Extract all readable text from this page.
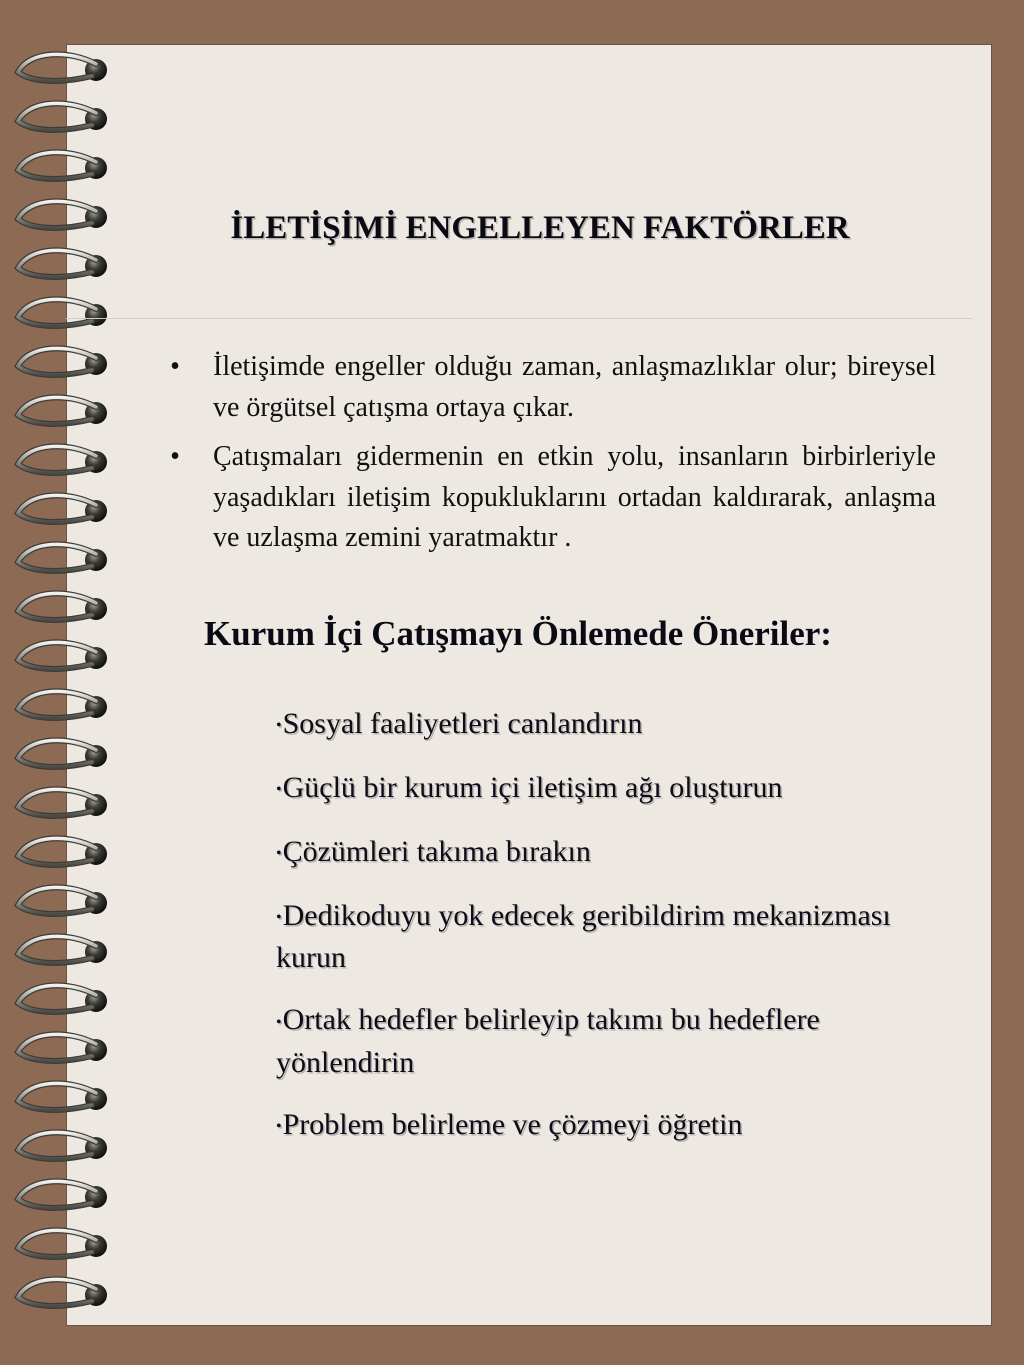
İLETİŞİMİ ENGELLEYEN FAKTÖRLER
•	İletişimde engeller olduğu zaman, anlaşmazlıklar olur; bireysel ve örgütsel çatışma ortaya çıkar.
•	Çatışmaları gidermenin en etkin yolu, insanların birbirleriyle yaşadıkları iletişim kopukluklarını ortadan kaldırarak, anlaşma ve uzlaşma zemini yaratmaktır .
Kurum İçi Çatışmayı Önlemede Öneriler:
•Sosyal faaliyetleri canlandırın
•Güçlü bir kurum içi iletişim ağı oluşturun
•Çözümleri takıma bırakın
•Dedikoduyu yok edecek geribildirim mekanizması kurun
•Ortak hedefler belirleyip takımı bu hedeflere yönlendirin
•Problem belirleme ve çözmeyi öğretin
